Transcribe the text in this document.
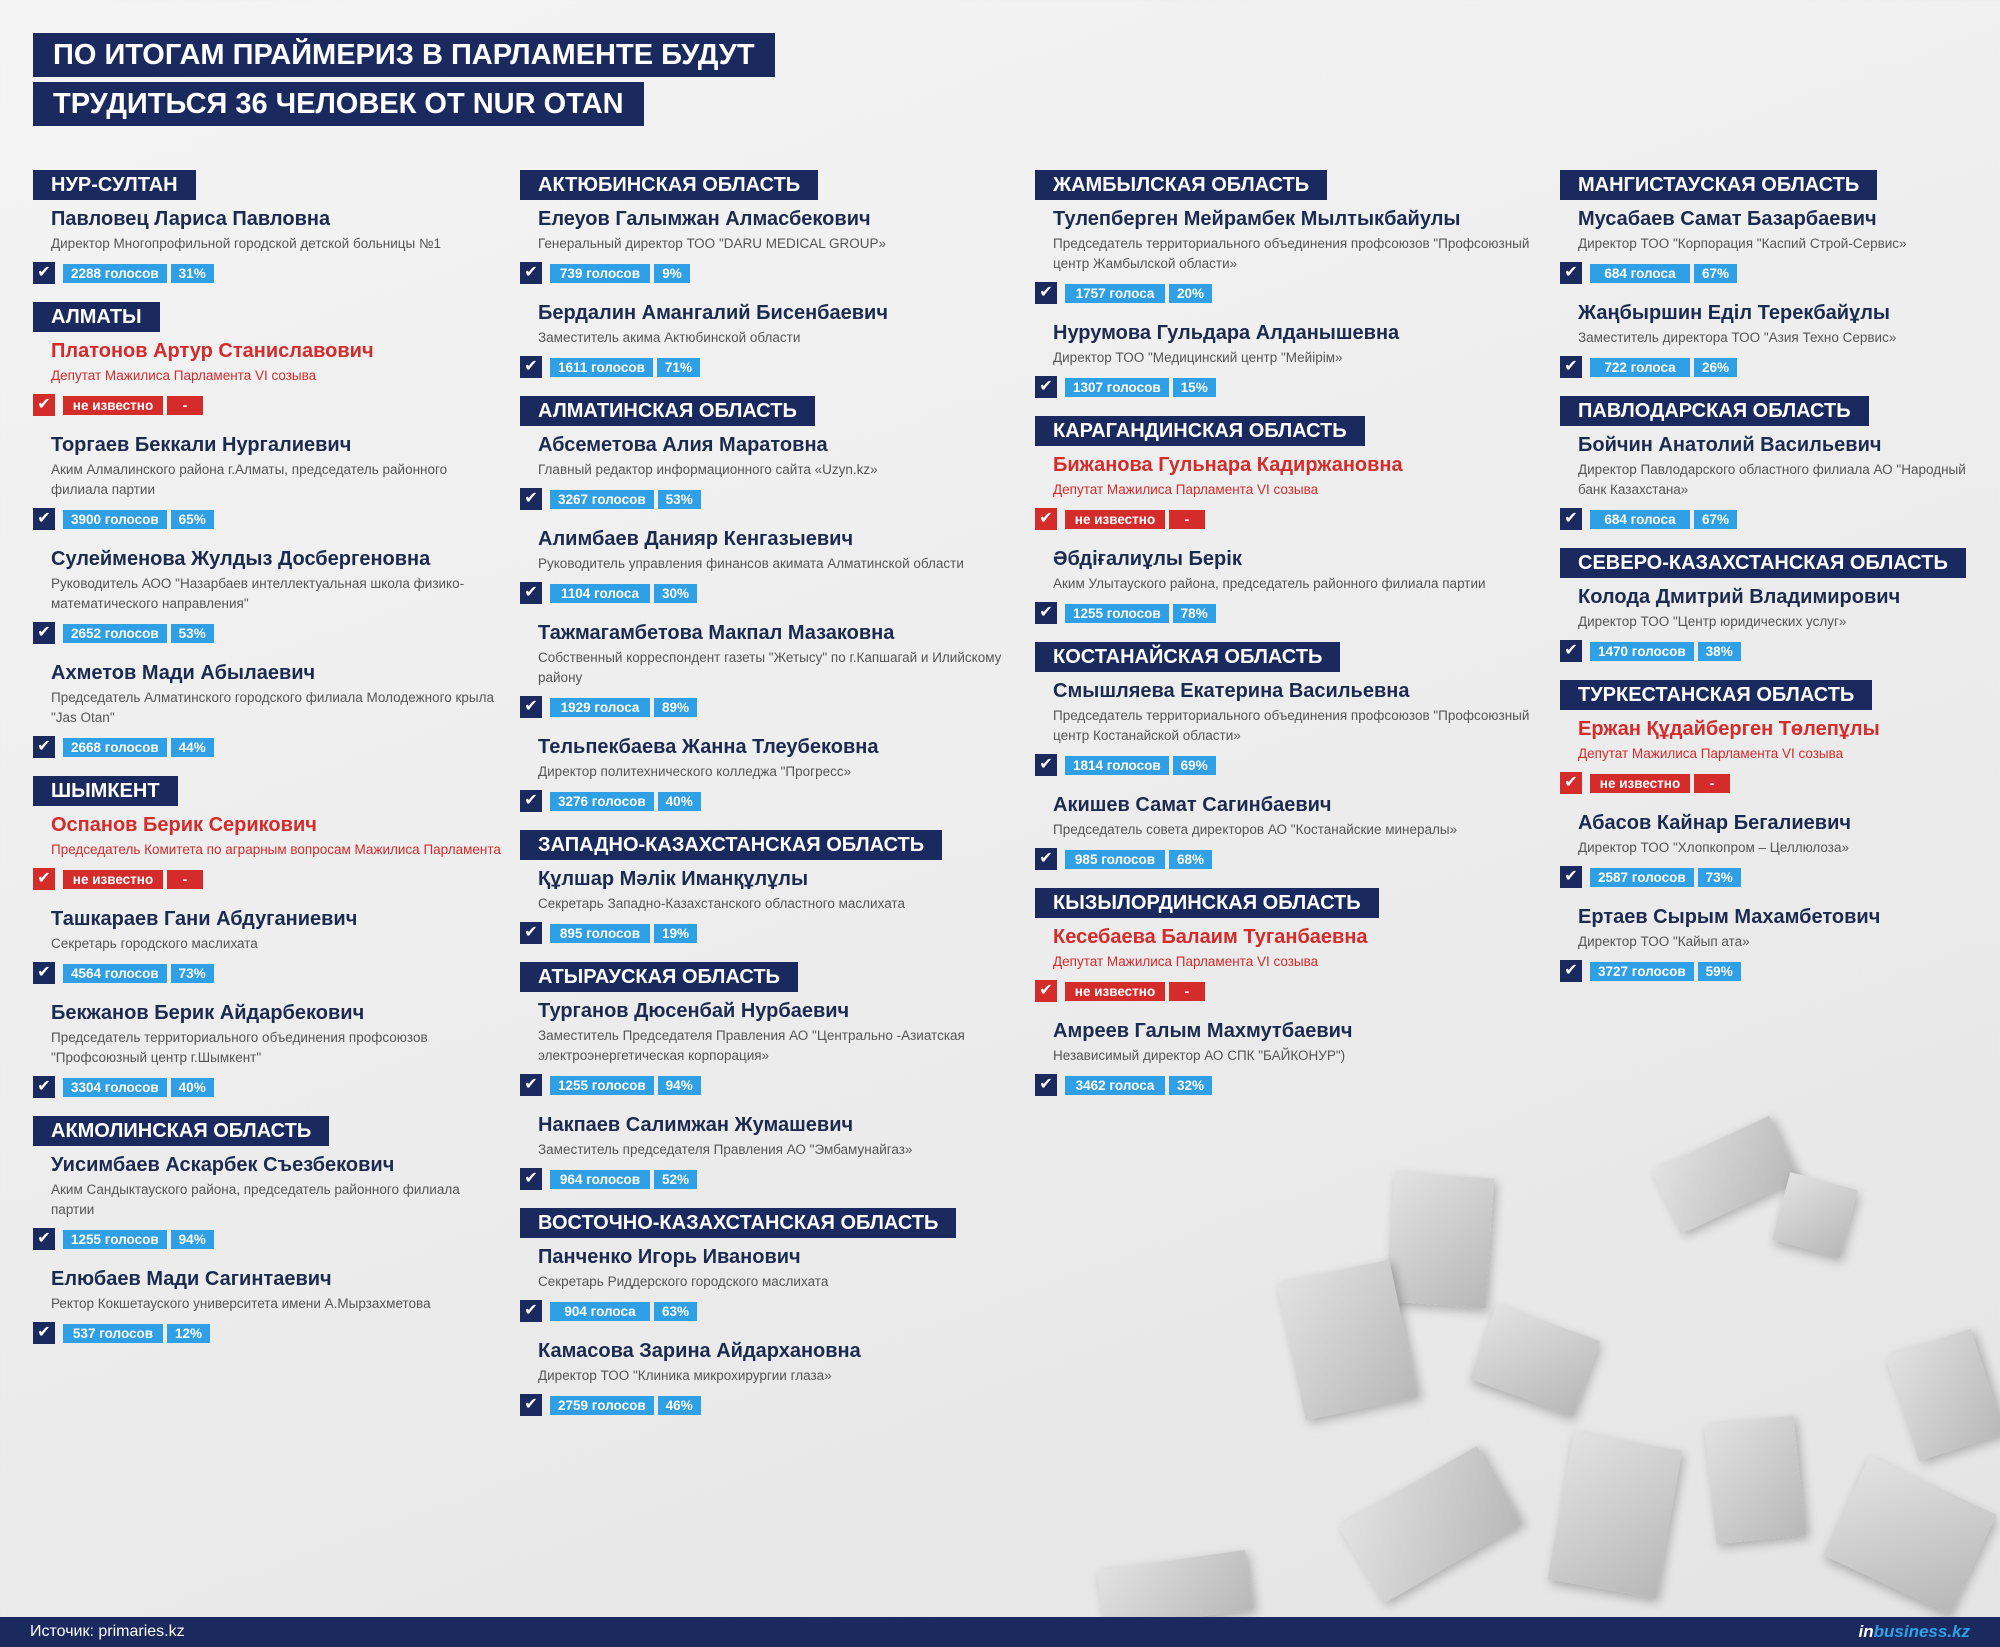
ПО ИТОГАМ ПРАЙМЕРИЗ В ПАРЛАМЕНТЕ БУДУТ
ТРУДИТЬСЯ 36 ЧЕЛОВЕК ОТ NUR OTAN
НУР-СУЛТАН
Павловец Лариса Павловна
Директор Многопрофильной городской детской больницы №1
✔	2288 голосов	31%
АЛМАТЫ
Платонов Артур Станиславович
Депутат Мажилиса Парламента VI созыва
✔	не известно	-
Торгаев Беккали Нургалиевич
Аким Алмалинского района г.Алматы, председатель районного филиала партии
✔	3900 голосов	65%
Сулейменова Жулдыз Досбергеновна
Руководитель АОО "Назарбаев интеллектуальная школа физико-математического направления"
✔	2652 голосов	53%
Ахметов Мади Абылаевич
Председатель Алматинского городского филиала Молодежного крыла "Jas Otan"
✔	2668 голосов	44%
ШЫМКЕНТ
Оспанов Берик Серикович
Председатель Комитета по аграрным вопросам Мажилиса Парламента
✔	не известно	-
Ташкараев Гани Абдуганиевич
Секретарь городского маслихата
✔	4564 голосов	73%
Бекжанов Берик Айдарбекович
Председатель территориального объединения профсоюзов "Профсоюзный центр г.Шымкент"
✔	3304 голосов	40%
АКМОЛИНСКАЯ ОБЛАСТЬ
Уисимбаев Аскарбек Съезбекович
Аким Сандыктауского района, председатель районного филиала партии
✔	1255 голосов	94%
Елюбаев Мади Сагинтаевич
Ректор Кокшетауского университета имени А.Мырзахметова
✔	537 голосов	12%
АКТЮБИНСКАЯ ОБЛАСТЬ
Елеуов Галымжан Алмасбекович
Генеральный директор ТОО "DARU MEDICAL GROUP»
✔	739 голосов	9%
Бердалин Амангалий Бисенбаевич
Заместитель акима Актюбинской области
✔	1611 голосов	71%
АЛМАТИНСКАЯ ОБЛАСТЬ
Абсеметова Алия Маратовна
Главный редактор информационного сайта «Uzyn.kz»
✔	3267 голосов	53%
Алимбаев Данияр Кенгазыевич
Руководитель управления финансов акимата Алматинской области
✔	1104 голоса	30%
Тажмагамбетова Макпал Мазаковна
Собственный корреспондент газеты "Жетысу" по г.Капшагай и Илийскому району
✔	1929 голоса	89%
Тельпекбаева Жанна Тлеубековна
Директор политехнического колледжа "Прогресс»
✔	3276 голосов	40%
ЗАПАДНО-КАЗАХСТАНСКАЯ ОБЛАСТЬ
Құлшар Мәлік Иманқұлұлы
Секретарь Западно-Казахстанского областного маслихата
✔	895 голосов	19%
АТЫРАУСКАЯ ОБЛАСТЬ
Турганов Дюсенбай Нурбаевич
Заместитель Председателя Правления АО "Центрально -Азиатская электроэнергетическая корпорация»
✔	1255 голосов	94%
Накпаев Салимжан Жумашевич
Заместитель председателя Правления АО "Эмбамунайгаз»
✔	964 голосов	52%
ВОСТОЧНО-КАЗАХСТАНСКАЯ ОБЛАСТЬ
Панченко Игорь Иванович
Секретарь Риддерского городского маслихата
✔	904 голоса	63%
Камасова Зарина Айдархановна
Директор ТОО "Клиника микрохирургии глаза»
✔	2759 голосов	46%
ЖАМБЫЛСКАЯ ОБЛАСТЬ
Тулепберген Мейрамбек Мылтыкбайулы
Председатель территориального объединения профсоюзов "Профсоюзный центр Жамбылской области»
✔	1757 голоса	20%
Нурумова Гульдара Алданышевна
Директор ТОО "Медицинский центр "Мейірім»
✔	1307 голосов	15%
КАРАГАНДИНСКАЯ ОБЛАСТЬ
Бижанова Гульнара Кадиржановна
Депутат Мажилиса Парламента VI созыва
✔	не известно	-
Әбдіғалиұлы Берік
Аким Улытауского района, председатель районного филиала партии
✔	1255 голосов	78%
КОСТАНАЙСКАЯ ОБЛАСТЬ
Смышляева Екатерина Васильевна
Председатель территориального объединения профсоюзов "Профсоюзный центр Костанайской области»
✔	1814 голосов	69%
Акишев Самат Сагинбаевич
Председатель совета директоров АО "Костанайские минералы»
✔	985 голосов	68%
КЫЗЫЛОРДИНСКАЯ ОБЛАСТЬ
Кесебаева Балаим Туганбаевна
Депутат Мажилиса Парламента VI созыва
✔	не известно	-
Амреев Галым Махмутбаевич
Независимый директор АО СПК "БАЙКОНУР")
✔	3462 голоса	32%
МАНГИСТАУСКАЯ ОБЛАСТЬ
Мусабаев Самат Базарбаевич
Директор ТОО "Корпорация "Каспий Строй-Сервис»
✔	684 голоса	67%
Жаңбыршин Еділ Терекбайұлы
Заместитель директора ТОО "Азия Техно Сервис»
✔	722 голоса	26%
ПАВЛОДАРСКАЯ ОБЛАСТЬ
Бойчин Анатолий Васильевич
Директор Павлодарского областного филиала АО "Народный банк Казахстана»
✔	684 голоса	67%
СЕВЕРО-КАЗАХСТАНСКАЯ ОБЛАСТЬ
Колода Дмитрий Владимирович
Директор ТОО "Центр юридических услуг»
✔	1470 голосов	38%
ТУРКЕСТАНСКАЯ ОБЛАСТЬ
Ержан Құдайберген Төлепұлы
Депутат Мажилиса Парламента VI созыва
✔	не известно	-
Абасов Кайнар Бегалиевич
Директор ТОО "Хлопкопром – Целлюлоза»
✔	2587 голосов	73%
Ертаев Сырым Махамбетович
Директор ТОО "Кайып ата»
✔	3727 голосов	59%
Источик: primaries.kz	inbusiness.kz
